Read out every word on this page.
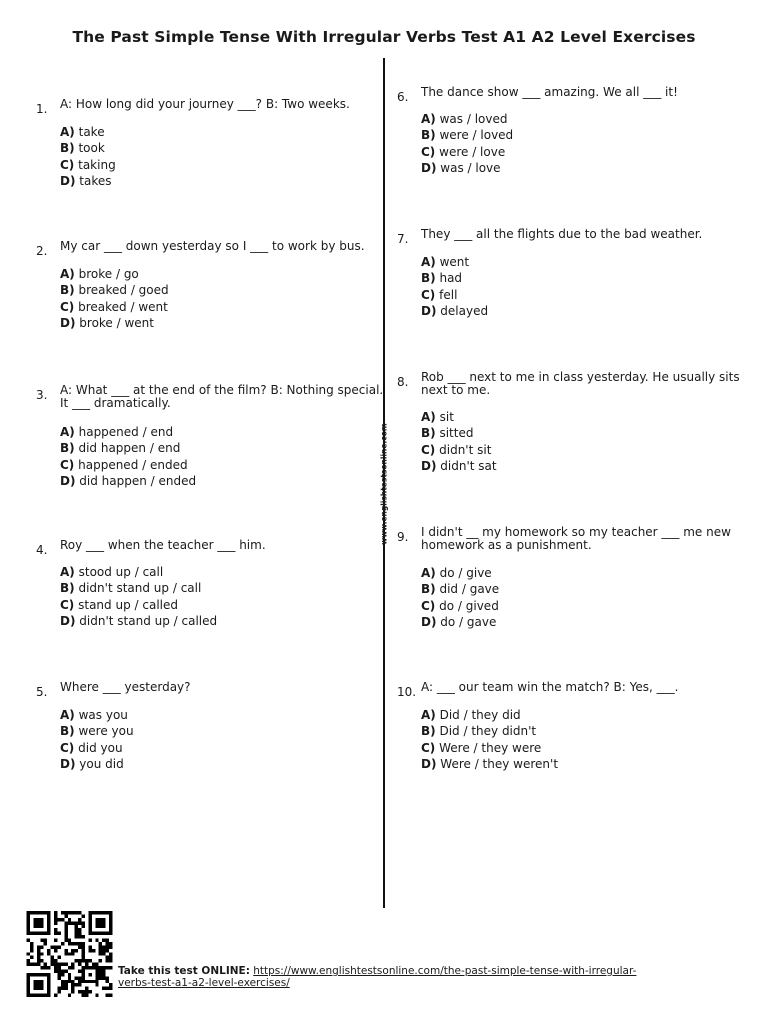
The Past Simple Tense With Irregular Verbs Test A1 A2 Level Exercises
www.englishtestsonline.com
1. A: How long did your journey ___? B: Two weeks.
A) take
B) took
C) taking
D) takes
2. My car ___ down yesterday so I ___ to work by bus.
A) broke / go
B) breaked / goed
C) breaked / went
D) broke / went
3. A: What ___ at the end of the film? B: Nothing special.
It ___ dramatically.
A) happened / end
B) did happen / end
C) happened / ended
D) did happen / ended
4. Roy ___ when the teacher ___ him.
A) stood up / call
B) didn't stand up / call
C) stand up / called
D) didn't stand up / called
5. Where ___ yesterday?
A) was you
B) were you
C) did you
D) you did
6. The dance show ___ amazing. We all ___ it!
A) was / loved
B) were / loved
C) were / love
D) was / love
7. They ___ all the flights due to the bad weather.
A) went
B) had
C) fell
D) delayed
8. Rob ___ next to me in class yesterday. He usually sits
next to me.
A) sit
B) sitted
C) didn't sit
D) didn't sat
9. I didn't __ my homework so my teacher ___ me new
homework as a punishment.
A) do / give
B) did / gave
C) do / gived
D) do / gave
10. A: ___ our team win the match? B: Yes, ___.
A) Did / they did
B) Did / they didn't
C) Were / they were
D) Were / they weren't
Take this test ONLINE: https://www.englishtestsonline.com/the-past-simple-tense-with-irregular-
verbs-test-a1-a2-level-exercises/
